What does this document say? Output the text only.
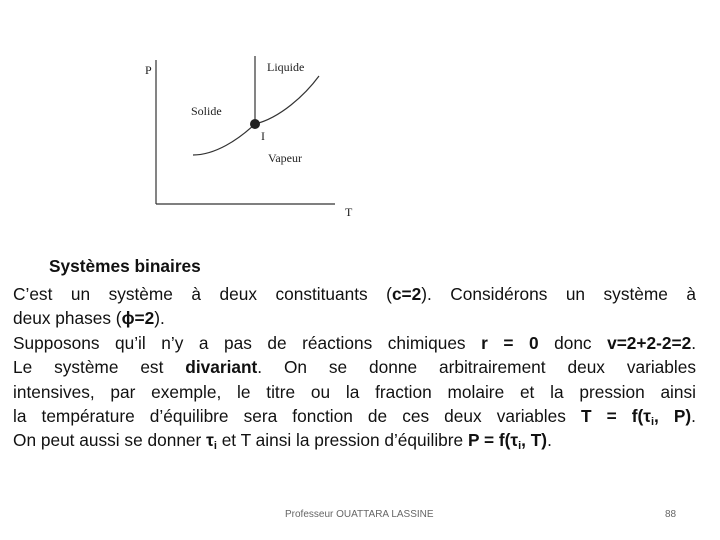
P
T
Liquide
Solide
Vapeur
I
Systèmes binaires
C’est un système à deux constituants (c=2). Considérons un système à
deux phases (ϕ=2).
Supposons qu’il n’y a pas de réactions chimiques r = 0 donc v=2+2-2=2.
Le système est divariant. On se donne arbitrairement deux variables
intensives, par exemple, le titre ou la fraction molaire et la pression ainsi
la température d’équilibre sera fonction de ces deux variables $T = f(\tau_i$, P).
On peut aussi se donner $\tau_i$ et T ainsi la pression d’équilibre $P = f(\tau_i$, T).
Professeur OUATTARA LASSINE	88
